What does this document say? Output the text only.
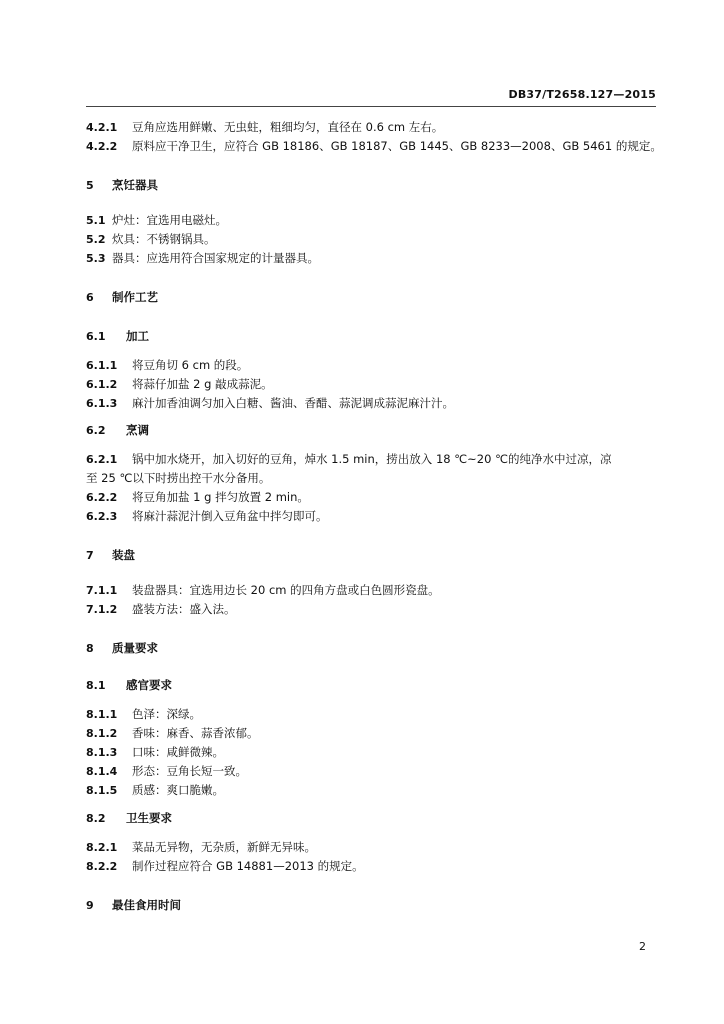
DB37/T2658.127—2015
4.2.1 豆角应选用鲜嫩、无虫蛀，粗细均匀，直径在 0.6 cm 左右。
4.2.2 原料应干净卫生，应符合 GB 18186、GB 18187、GB 1445、GB 8233—2008、GB 5461 的规定。
5 烹饪器具
5.1 炉灶：宜选用电磁灶。
5.2 炊具：不锈钢锅具。
5.3 器具：应选用符合国家规定的计量器具。
6 制作工艺
6.1 加工
6.1.1 将豆角切 6 cm 的段。
6.1.2 将蒜仔加盐 2 g 敲成蒜泥。
6.1.3 麻汁加香油调匀加入白糖、酱油、香醋、蒜泥调成蒜泥麻汁汁。
6.2 烹调
6.2.1 锅中加水烧开，加入切好的豆角，焯水 1.5 min，捞出放入 18 ℃~20 ℃的纯净水中过凉，凉
至 25 ℃以下时捞出控干水分备用。
6.2.2 将豆角加盐 1 g 拌匀放置 2 min。
6.2.3 将麻汁蒜泥汁倒入豆角盆中拌匀即可。
7 装盘
7.1.1 装盘器具：宜选用边长 20 cm 的四角方盘或白色圆形瓷盘。
7.1.2 盛装方法：盛入法。
8 质量要求
8.1 感官要求
8.1.1 色泽：深绿。
8.1.2 香味：麻香、蒜香浓郁。
8.1.3 口味：咸鲜微辣。
8.1.4 形态：豆角长短一致。
8.1.5 质感：爽口脆嫩。
8.2 卫生要求
8.2.1 菜品无异物，无杂质，新鲜无异味。
8.2.2 制作过程应符合 GB 14881—2013 的规定。
9 最佳食用时间
2
